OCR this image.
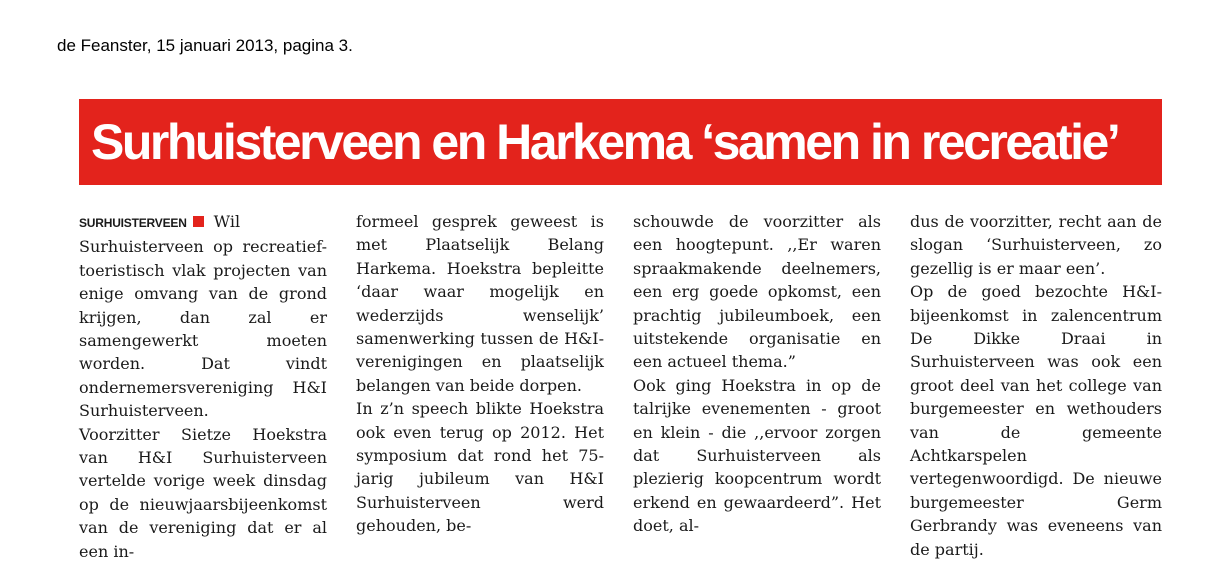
de Feanster, 15 januari 2013, pagina 3.
Surhuisterveen en Harkema ‘samen in recreatie’

SURHUISTERVEEN Wil Surhuisterveen op recreatief-toeristisch vlak projecten van enige omvang van de grond krijgen, dan zal er samengewerkt moeten worden. Dat vindt ondernemersvereniging H&I Surhuisterveen.

Voorzitter Sietze Hoekstra van H&I Surhuisterveen vertelde vorige week dinsdag op de nieuwjaarsbijeenkomst van de vereniging dat er al een in-

formeel gesprek geweest is met Plaatselijk Belang Harkema. Hoekstra bepleitte ‘daar waar mogelijk en wederzijds wenselijk’ samenwerking tussen de H&I-verenigingen en plaatselijk belangen van beide dorpen.

In z’n speech blikte Hoekstra ook even terug op 2012. Het symposium dat rond het 75-jarig jubileum van H&I Surhuisterveen werd gehouden, be-

schouwde de voorzitter als een hoogtepunt. ,,Er waren spraakmakende deelnemers, een erg goede opkomst, een prachtig jubileumboek, een uitstekende organisatie en een actueel thema.”

Ook ging Hoekstra in op de talrijke evenementen - groot en klein - die ,,ervoor zorgen dat Surhuisterveen als plezierig koopcentrum wordt erkend en gewaardeerd”. Het doet, al-

dus de voorzitter, recht aan de slogan ‘Surhuisterveen, zo gezellig is er maar een’.

Op de goed bezochte H&I-bijeenkomst in zalencentrum De Dikke Draai in Surhuisterveen was ook een groot deel van het college van burgemeester en wethouders van de gemeente Achtkarspelen vertegenwoordigd. De nieuwe burgemeester Germ Gerbrandy was eveneens van de partij.
